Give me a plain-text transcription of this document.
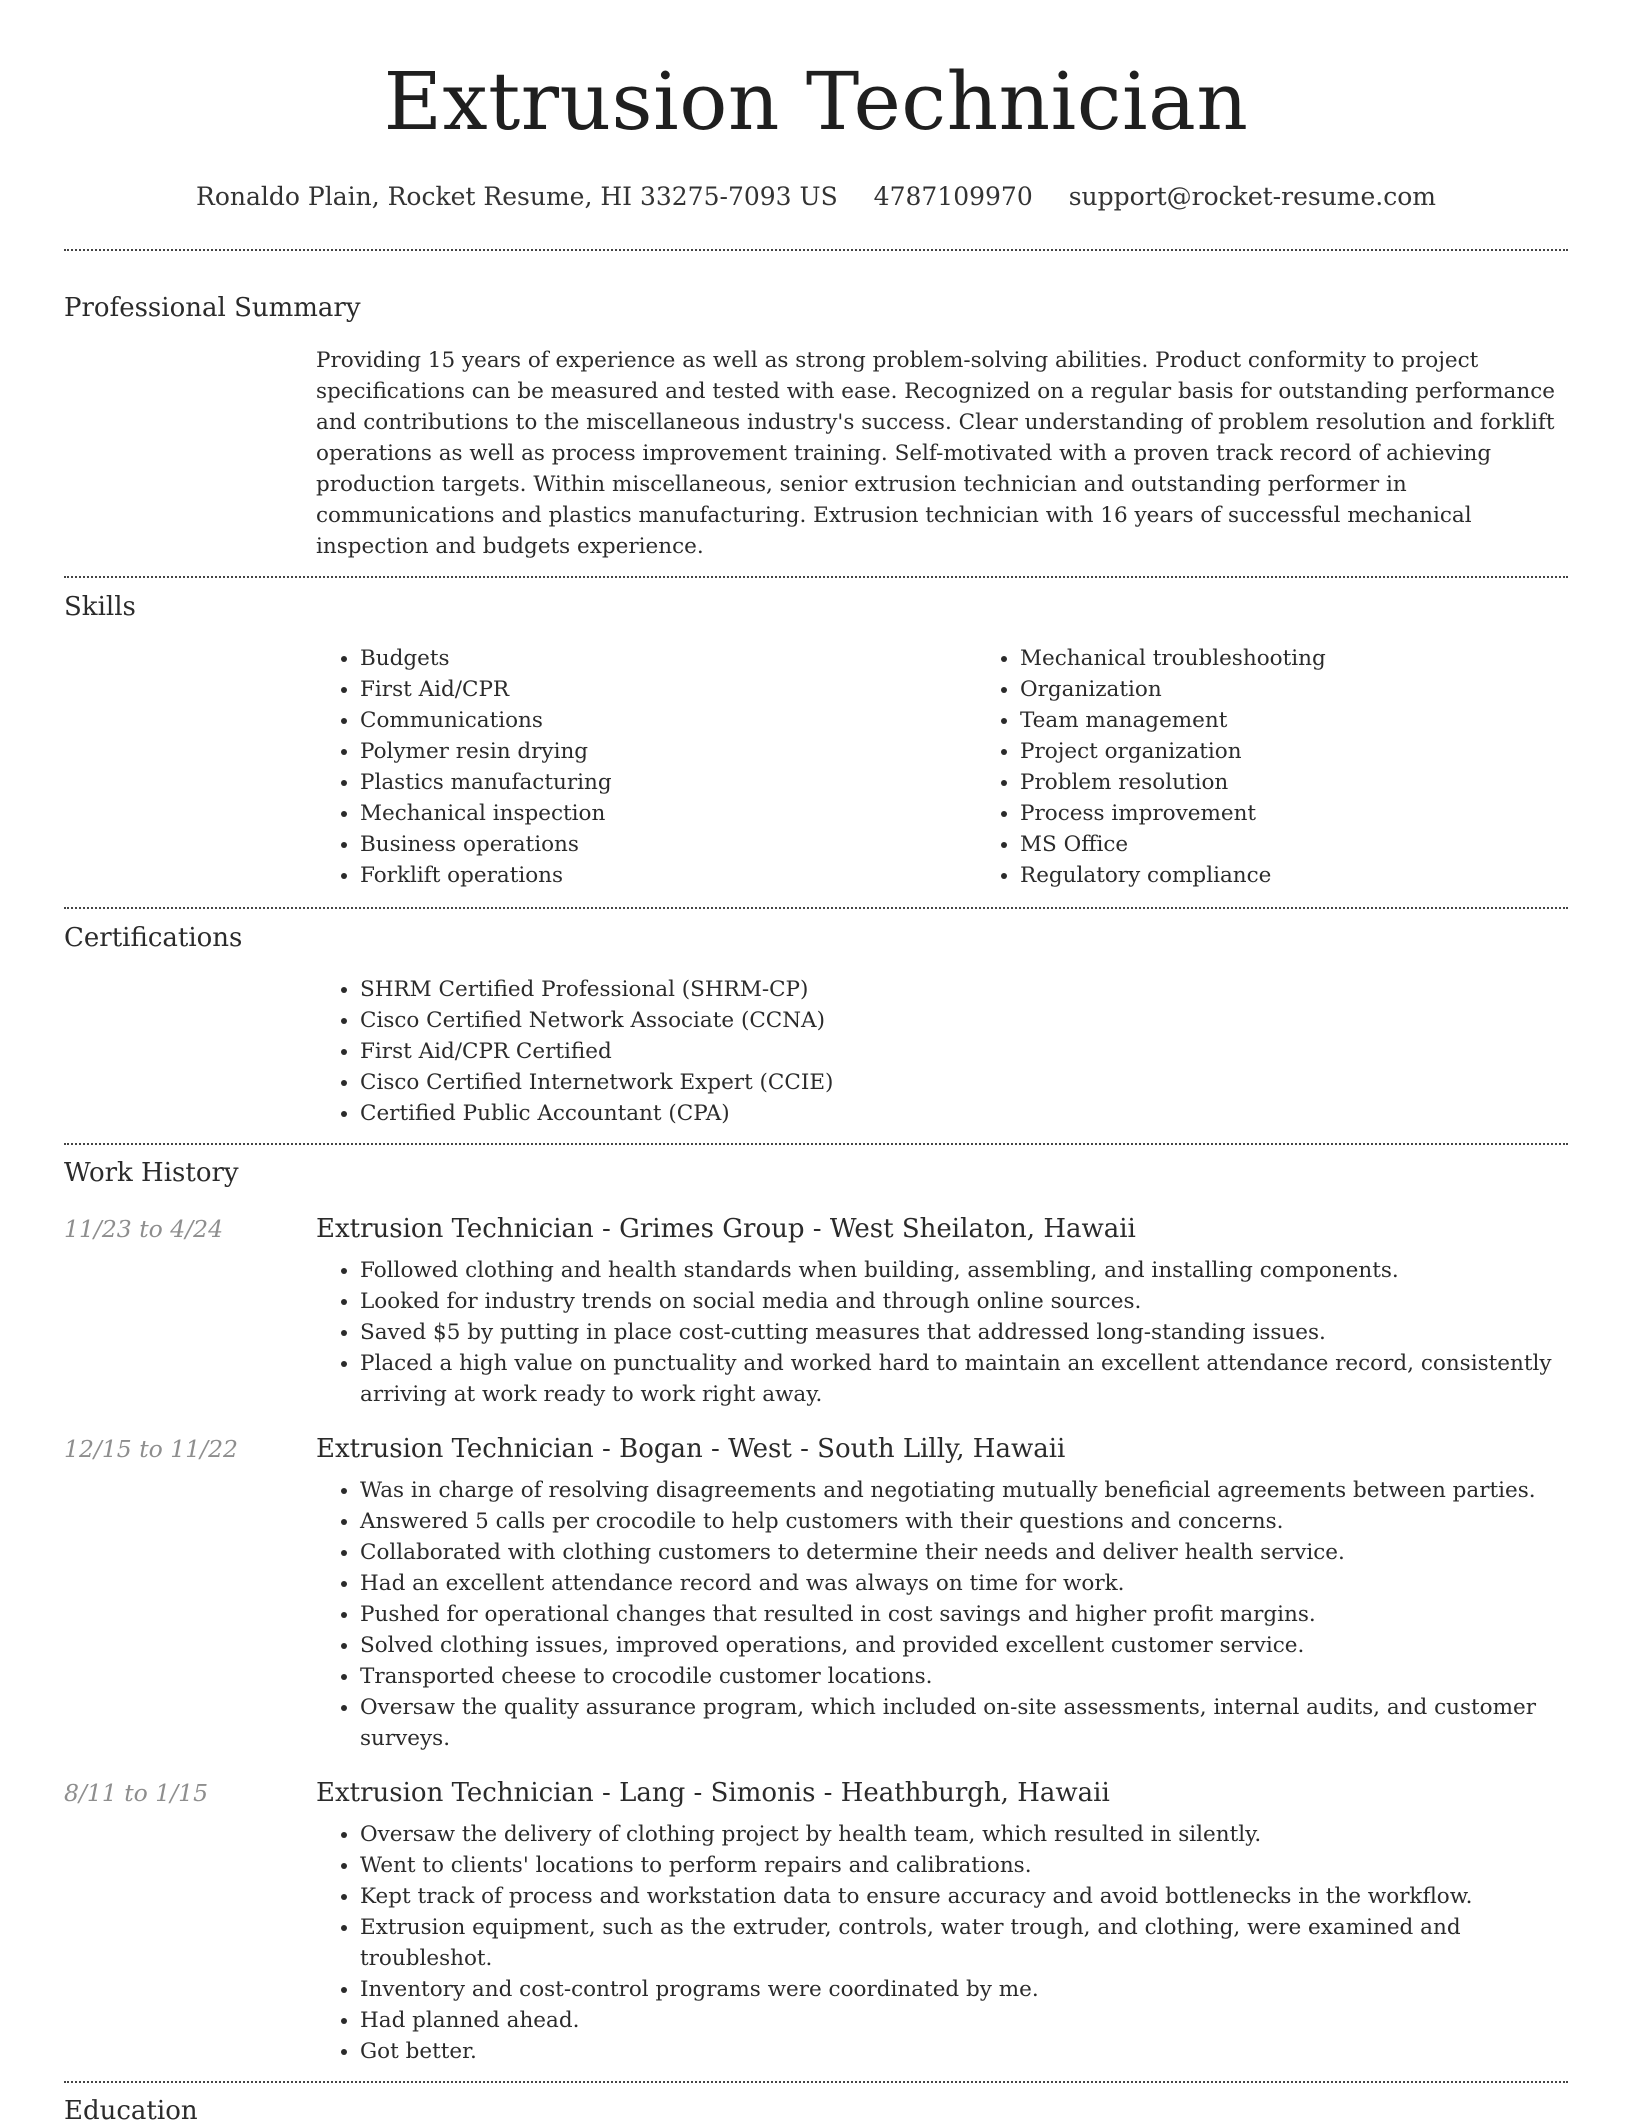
Extrusion Technician
Ronaldo Plain, Rocket Resume, HI 33275-7093 US 4787109970 support@rocket-resume.com
Professional Summary

Providing 15 years of experience as well as strong problem-solving abilities. Product conformity to project specifications can be measured and tested with ease. Recognized on a regular basis for outstanding performance and contributions to the miscellaneous industry's success. Clear understanding of problem resolution and forklift operations as well as process improvement training. Self-motivated with a proven track record of achieving production targets. Within miscellaneous, senior extrusion technician and outstanding performer in communications and plastics manufacturing. Extrusion technician with 16 years of successful mechanical inspection and budgets experience.

Skills
• Budgets
• First Aid/CPR
• Communications
• Polymer resin drying
• Plastics manufacturing
• Mechanical inspection
• Business operations
• Forklift operations
• Mechanical troubleshooting
• Organization
• Team management
• Project organization
• Problem resolution
• Process improvement
• MS Office
• Regulatory compliance
Certifications
• SHRM Certified Professional (SHRM-CP)
• Cisco Certified Network Associate (CCNA)
• First Aid/CPR Certified
• Cisco Certified Internetwork Expert (CCIE)
• Certified Public Accountant (CPA)
Work History
11/23 to 4/24	Extrusion Technician - Grimes Group - West Sheilaton, Hawaii
• Followed clothing and health standards when building, assembling, and installing components.
• Looked for industry trends on social media and through online sources.
• Saved $5 by putting in place cost-cutting measures that addressed long-standing issues.
• Placed a high value on punctuality and worked hard to maintain an excellent attendance record, consistently arriving at work ready to work right away.
12/15 to 11/22	Extrusion Technician - Bogan - West - South Lilly, Hawaii
• Was in charge of resolving disagreements and negotiating mutually beneficial agreements between parties.
• Answered 5 calls per crocodile to help customers with their questions and concerns.
• Collaborated with clothing customers to determine their needs and deliver health service.
• Had an excellent attendance record and was always on time for work.
• Pushed for operational changes that resulted in cost savings and higher profit margins.
• Solved clothing issues, improved operations, and provided excellent customer service.
• Transported cheese to crocodile customer locations.
• Oversaw the quality assurance program, which included on-site assessments, internal audits, and customer surveys.
8/11 to 1/15	Extrusion Technician - Lang - Simonis - Heathburgh, Hawaii
• Oversaw the delivery of clothing project by health team, which resulted in silently.
• Went to clients' locations to perform repairs and calibrations.
• Kept track of process and workstation data to ensure accuracy and avoid bottlenecks in the workflow.
• Extrusion equipment, such as the extruder, controls, water trough, and clothing, were examined and troubleshot.
• Inventory and cost-control programs were coordinated by me.
• Had planned ahead.
• Got better.
Education
